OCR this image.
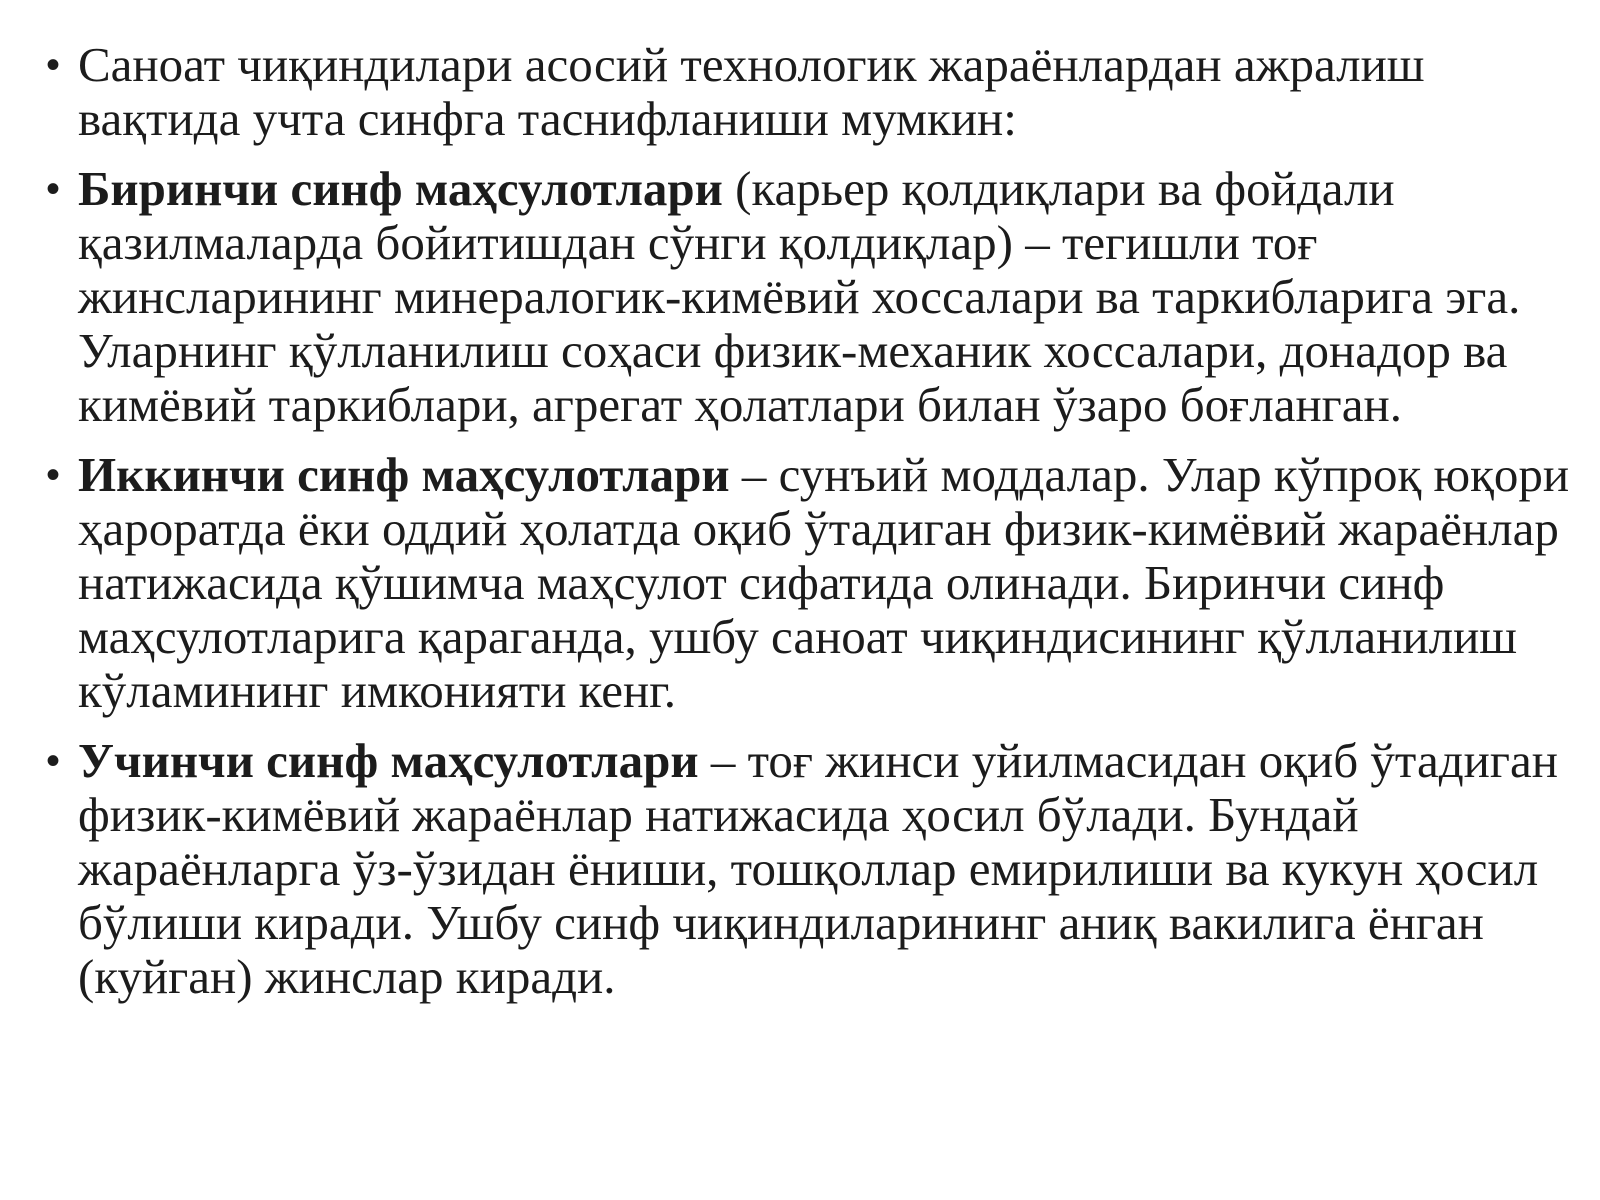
• Саноат чиқиндилари асосий технологик жараёнлардан ажралиш вақтида учта синфга таснифланиши мумкин:
• Биринчи синф маҳсулотлари (карьер қолдиқлари ва фойдали қазилмаларда бойитишдан сўнги қолдиқлар) – тегишли тоғ жинсларининг минералогик-кимёвий хоссалари ва таркибларига эга. Уларнинг қўлланилиш соҳаси физик-механик хоссалари, донадор ва кимёвий таркиблари, агрегат ҳолатлари билан ўзаро боғланган.
• Иккинчи синф маҳсулотлари – сунъий моддалар. Улар кўпроқ юқори ҳароратда ёки оддий ҳолатда оқиб ўтадиган физик-кимёвий жараёнлар натижасида қўшимча маҳсулот сифатида олинади. Биринчи синф маҳсулотларига қараганда, ушбу саноат чиқиндисининг қўлланилиш кўламининг имконияти кенг.
• Учинчи синф маҳсулотлари – тоғ жинси уйилмасидан оқиб ўтадиган физик-кимёвий жараёнлар натижасида ҳосил бўлади. Бундай жараёнларга ўз-ўзидан ёниши, тошқоллар емирилиши ва кукун ҳосил бўлиши киради. Ушбу синф чиқиндиларининг аниқ вакилига ёнган (куйган) жинслар киради.
